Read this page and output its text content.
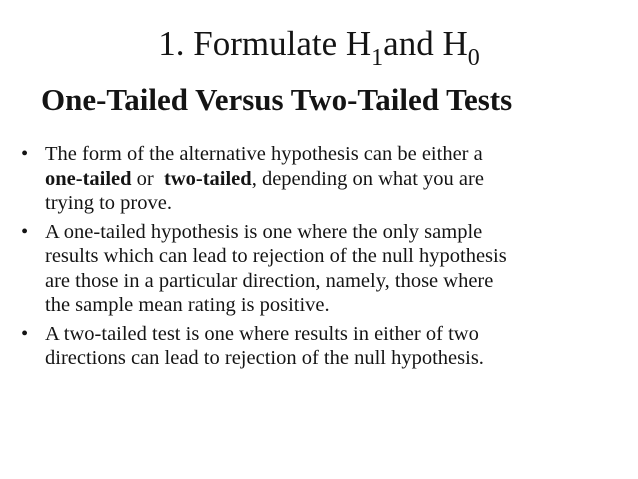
1. Formulate $H_1and$ $H_0$
One-Tailed Versus Two-Tailed Tests
• The form of the alternative hypothesis can be either a
one-tailed or  two-tailed, depending on what you are
trying to prove.
• A one-tailed hypothesis is one where the only sample
results which can lead to rejection of the null hypothesis
are those in a particular direction, namely, those where
the sample mean rating is positive.
• A two-tailed test is one where results in either of two
directions can lead to rejection of the null hypothesis.
